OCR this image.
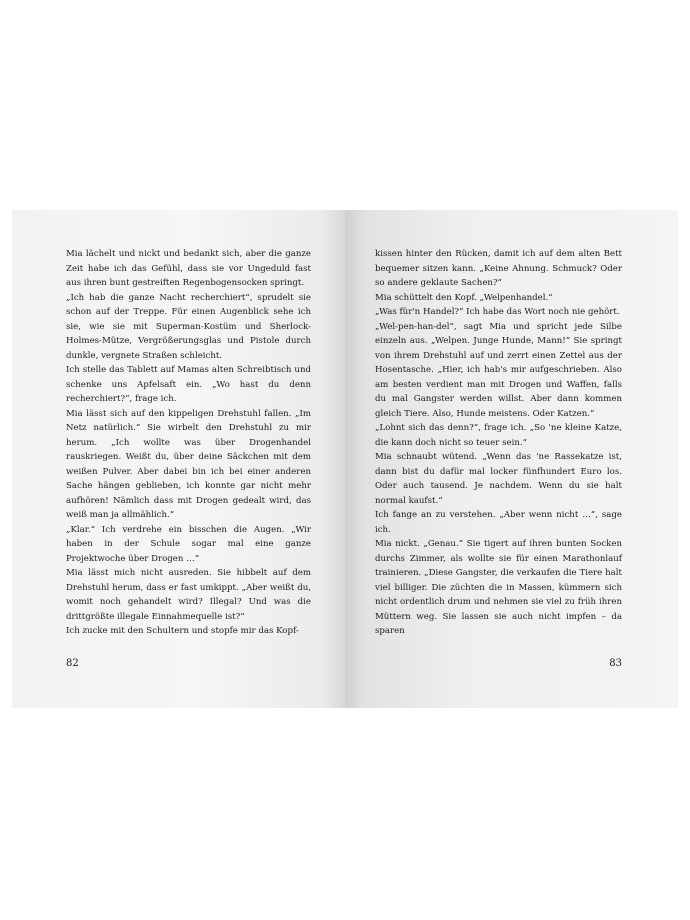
Mia lächelt und nickt und bedankt sich, aber die ganze Zeit habe ich das Gefühl, dass sie vor Ungeduld fast aus ihren bunt gestreiften Regenbogensocken springt.

„Ich hab die ganze Nacht recherchiert“, sprudelt sie schon auf der Treppe. Für einen Augenblick sehe ich sie, wie sie mit Superman-Kostüm und Sherlock-Holmes-Mütze, Vergrößerungsglas und Pistole durch dunkle, vergnete Straßen schleicht.

Ich stelle das Tablett auf Mamas alten Schreibtisch und schenke uns Apfelsaft ein. „Wo hast du denn recherchiert?“, frage ich.

Mia lässt sich auf den kippeligen Drehstuhl fallen. „Im Netz natürlich.“ Sie wirbelt den Drehstuhl zu mir herum. „Ich wollte was über Drogenhandel rauskriegen. Weißt du, über deine Säckchen mit dem weißen Pulver. Aber dabei bin ich bei einer anderen Sache hängen geblieben, ich konnte gar nicht mehr aufhören! Nämlich dass mit Drogen gedealt wird, das weiß man ja allmählich.“

„Klar.“ Ich verdrehe ein bisschen die Augen. „Wir haben in der Schule sogar mal eine ganze Projektwoche über Drogen …“

Mia lässt mich nicht ausreden. Sie hibbelt auf dem Drehstuhl herum, dass er fast umkippt. „Aber weißt du, womit noch gehandelt wird? Illegal? Und was die drittgrößte illegale Einnahmequelle ist?“

Ich zucke mit den Schultern und stopfe mir das Kopf-

82

kissen hinter den Rücken, damit ich auf dem alten Bett bequemer sitzen kann. „Keine Ahnung. Schmuck? Oder so andere geklaute Sachen?“

Mia schüttelt den Kopf. „Welpenhandel.“

„Was für'n Handel?“ Ich habe das Wort noch nie gehört.

„Wel-pen-han-del“, sagt Mia und spricht jede Silbe einzeln aus. „Welpen. Junge Hunde, Mann!“ Sie springt von ihrem Drehstuhl auf und zerrt einen Zettel aus der Hosentasche. „Hier, ich hab's mir aufgeschrieben. Also am besten verdient man mit Drogen und Waffen, falls du mal Gangster werden willst. Aber dann kommen gleich Tiere. Also, Hunde meistens. Oder Katzen.“

„Lohnt sich das denn?“, frage ich. „So 'ne kleine Katze, die kann doch nicht so teuer sein.“

Mia schnaubt wütend. „Wenn das 'ne Rassekatze ist, dann bist du dafür mal locker fünfhundert Euro los. Oder auch tausend. Je nachdem. Wenn du sie halt normal kaufst.“

Ich fange an zu verstehen. „Aber wenn nicht …“, sage ich.

Mia nickt. „Genau.“ Sie tigert auf ihren bunten Socken durchs Zimmer, als wollte sie für einen Marathonlauf trainieren. „Diese Gangster, die verkaufen die Tiere halt viel billiger. Die züchten die in Massen, kümmern sich nicht ordentlich drum und nehmen sie viel zu früh ihren Müttern weg. Sie lassen sie auch nicht impfen – da sparen

83
